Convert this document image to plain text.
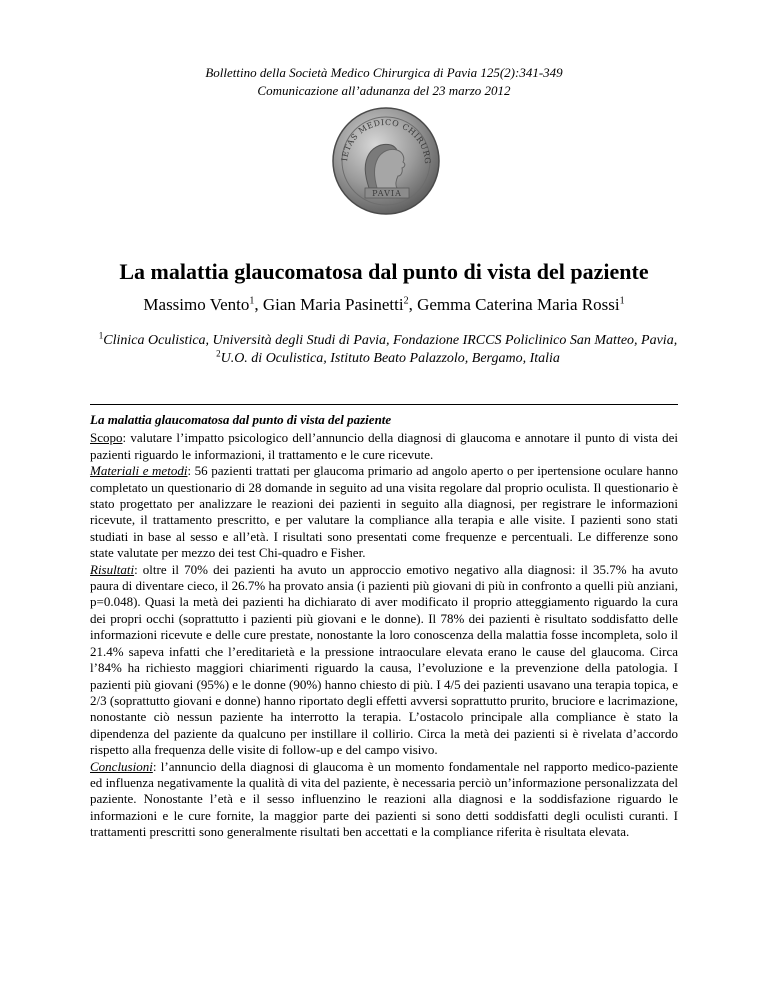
Bollettino della Società Medico Chirurgica di Pavia 125(2):341-349
Comunicazione all’adunanza del 23 marzo 2012
IETAS MEDICO CHIRURG
PAVIA
La malattia glaucomatosa dal punto di vista del paziente
Massimo Vento$^1$, Gian Maria Pasinetti$^2$, Gemma Caterina Maria Rossi$^1$
$^1$Clinica Oculistica, Università degli Studi di Pavia, Fondazione IRCCS Policlinico San Matteo, Pavia,
$^2$U.O. di Oculistica, Istituto Beato Palazzolo, Bergamo, Italia
La malattia glaucomatosa dal punto di vista del paziente

Scopo: valutare l’impatto psicologico dell’annuncio della diagnosi di glaucoma e annotare il punto di vista dei pazienti riguardo le informazioni, il trattamento e le cure ricevute.

Materiali e metodi: 56 pazienti trattati per glaucoma primario ad angolo aperto o per ipertensione oculare hanno completato un questionario di 28 domande in seguito ad una visita regolare dal proprio oculista. Il questionario è stato progettato per analizzare le reazioni dei pazienti in seguito alla diagnosi, per registrare le informazioni ricevute, il trattamento prescritto, e per valutare la compliance alla terapia e alle visite. I pazienti sono stati studiati in base al sesso e all’età. I risultati sono presentati come frequenze e percentuali. Le differenze sono state valutate per mezzo dei test Chi-quadro e Fisher.

Risultati: oltre il 70% dei pazienti ha avuto un approccio emotivo negativo alla diagnosi: il 35.7% ha avuto paura di diventare cieco, il 26.7% ha provato ansia (i pazienti più giovani di più in confronto a quelli più anziani, p=0.048). Quasi la metà dei pazienti ha dichiarato di aver modificato il proprio atteggiamento riguardo la cura dei propri occhi (soprattutto i pazienti più giovani e le donne). Il 78% dei pazienti è risultato soddisfatto delle informazioni ricevute e delle cure prestate, nonostante la loro conoscenza della malattia fosse incompleta, solo il 21.4% sapeva infatti che l’ereditarietà e la pressione intraoculare elevata erano le cause del glaucoma. Circa l’84% ha richiesto maggiori chiarimenti riguardo la causa, l’evoluzione e la prevenzione della patologia. I pazienti più giovani (95%) e le donne (90%) hanno chiesto di più. I 4/5 dei pazienti usavano una terapia topica, e 2/3 (soprattutto giovani e donne) hanno riportato degli effetti avversi soprattutto prurito, bruciore e lacrimazione, nonostante ciò nessun paziente ha interrotto la terapia. L’ostacolo principale alla compliance è stato la dipendenza del paziente da qualcuno per instillare il collirio. Circa la metà dei pazienti si è rivelata d’accordo rispetto alla frequenza delle visite di follow-up e del campo visivo.

Conclusioni: l’annuncio della diagnosi di glaucoma è un momento fondamentale nel rapporto medico-paziente ed influenza negativamente la qualità di vita del paziente, è necessaria perciò un’informazione personalizzata del paziente. Nonostante l’età e il sesso influenzino le reazioni alla diagnosi e la soddisfazione riguardo le informazioni e le cure fornite, la maggior parte dei pazienti si sono detti soddisfatti degli oculisti curanti. I trattamenti prescritti sono generalmente risultati ben accettati e la compliance riferita è risultata elevata.
